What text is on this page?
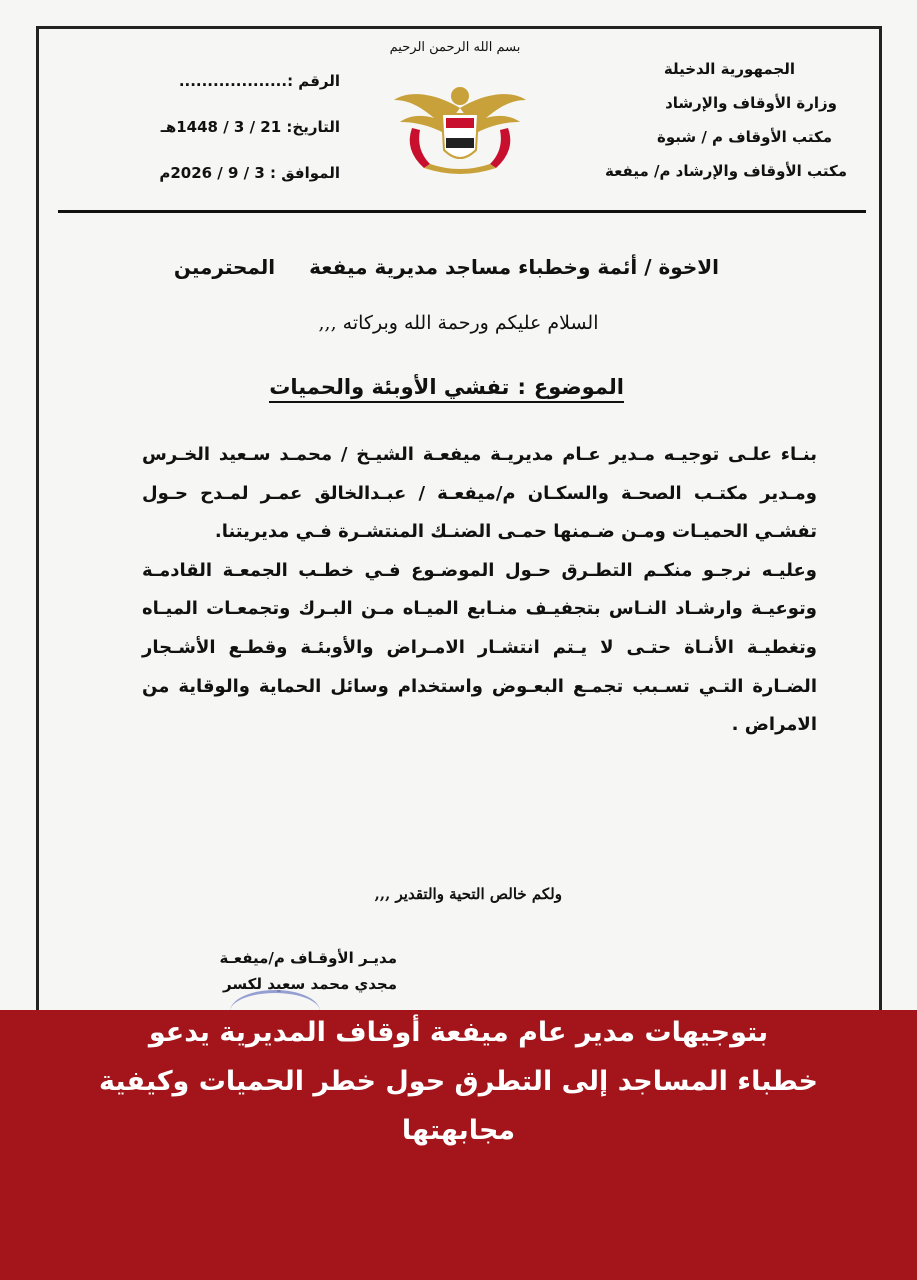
الجمهورية الدخيلة
وزارة الأوقاف والإرشاد
مكتب الأوقاف م / شبوة
مكتب الأوقاف والإرشاد م/ ميفعة
بسم الله الرحمن الرحيم
الرقم :...................
التاريخ: 21 / 3 / 1448هـ
الموافق : 3 / 9 / 2026م
الاخوة / أئمة وخطباء مساجد مديرية ميفعةالمحترمين
السلام عليكم ورحمة الله وبركاته ,,,
الموضوع:تفشي الأوبئة والحميات
بنـاء علـى توجيـه مـدير عـام مديريـة ميفعـة الشيـخ / محمـد سـعيد الخـرس ومـدير مكتـب الصحـة والسكـان م/ميفعـة / عبـدالخالق عمـر لمـدح حـول تفشـي الحميـات ومـن ضـمنها حمـى الضنـك المنتشـرة فـي مديريتنا.
وعليـه نرجـو منكـم التطـرق حـول الموضـوع فـي خطـب الجمعـة القادمـة وتوعيـة وارشـاد النـاس بتجفيـف منـابع الميـاه مـن البـرك وتجمعـات الميـاه وتغطيـة الأنـاة حتـى لا يـتم انتشـار الامـراض والأوبئـة وقطـع الأشـجار الضـارة التـي تسـبب تجمـع البعـوض واستخدام وسائل الحماية والوقاية من الامراض .
ولكم خالص التحية والتقدير ,,,
مديـر الأوقـاف م/ميفعـة
مجدي محمد سعيد لكسر
بتوجيهات مدير عام ميفعة أوقاف المديرية يدعو
خطباء المساجد إلى التطرق حول خطر الحميات وكيفية
مجابهتها
